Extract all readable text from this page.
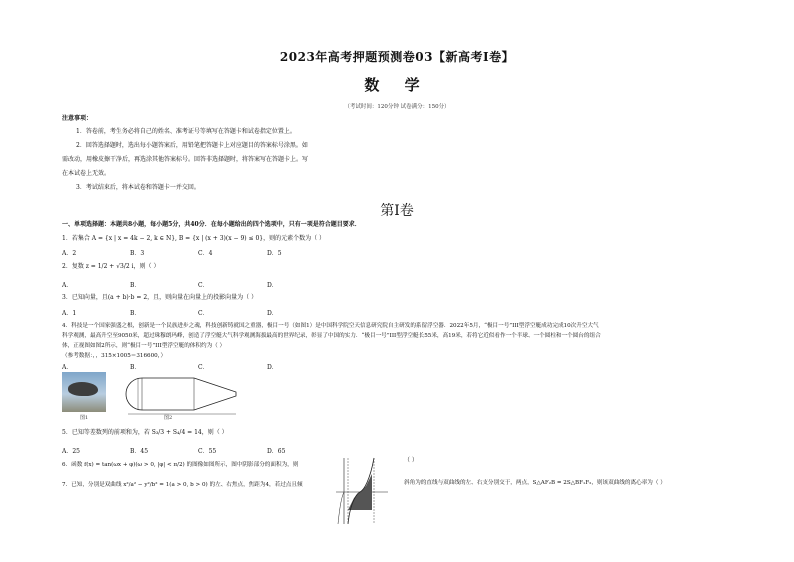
2023年高考押题预测卷03【新高考Ⅰ卷】
数 学
（考试时间：120分钟 试卷满分：150分）
注意事项：
1．答卷前，考生务必将自己的姓名、准考证号等填写在答题卡和试卷指定位置上。
2．回答选择题时，选出每小题答案后，用铅笔把答题卡上对应题目的答案标号涂黑。如
需改动，用橡皮擦干净后，再选涂其他答案标号。回答非选择题时，将答案写在答题卡上。写
在本试卷上无效。
3．考试结束后，将本试卷和答题卡一并交回。
第Ⅰ卷
一、单项选择题：本题共8小题，每小题5分，共40分．在每小题给出的四个选项中，只有一项是符合题目要求．
1．若集合 A = {x | x = 4k − 2, k ∈ N}, B = {x | (x + 3)(x − 9) ≤ 0}，则的元素个数为（ ）
A．2	B．3	C．4	D．5
2．复数 z = 1/2 + √3/2 i，则（ ）
A．	B．	C．	D．
3．已知向量，且(a + b)·b = 2，且，则向量在向量上的投影向量为（ ）
A．1	B．	C．	D．
4．科技是一个国家强盛之根，创新是一个民族进步之魂，科技创新铸就国之重器，极目一号（如图1）是中国科学院空天信息研究院自主研发的系留浮空器．2022年5月，“极目一号”III型浮空艇成功完成10次升空大气
科学观测，最高升空至9050米，超过珠穆朗玛峰，创造了浮空艇大气科学观测海拔最高的世界纪录，彰显了中国的实力．“极目一号”III型浮空艇长55米，高19米，若将它近似看作一个半球、一个圆柱和一个圆台的组合
体，正视图如图2所示，则“极目一号”III型浮空艇的体积约为（ ）
（参考数据：，，315×1005＝316600，）
A．	B．	C．	D．
图1	图2
5．已知等差数列的前项和为，若 S₃/3 + S₄/4 = 14，则（ ）
A．25	B．45	C．55	D．65
6．函数 f(x) = tan(ωx + φ)(ω > 0, |φ| < π/2) 的图像如图所示，图中阴影部分的面积为，则
（ ）
7．已知，分别是双曲线 x²/a² − y²/b² = 1(a > 0, b > 0) 的左、右焦点，焦距为4，若过点且倾	斜角为的直线与双曲线的左、右支分别交于，两点，S△AF₂B = 2S△BF₁F₂，则该双曲线的离心率为（ ）
